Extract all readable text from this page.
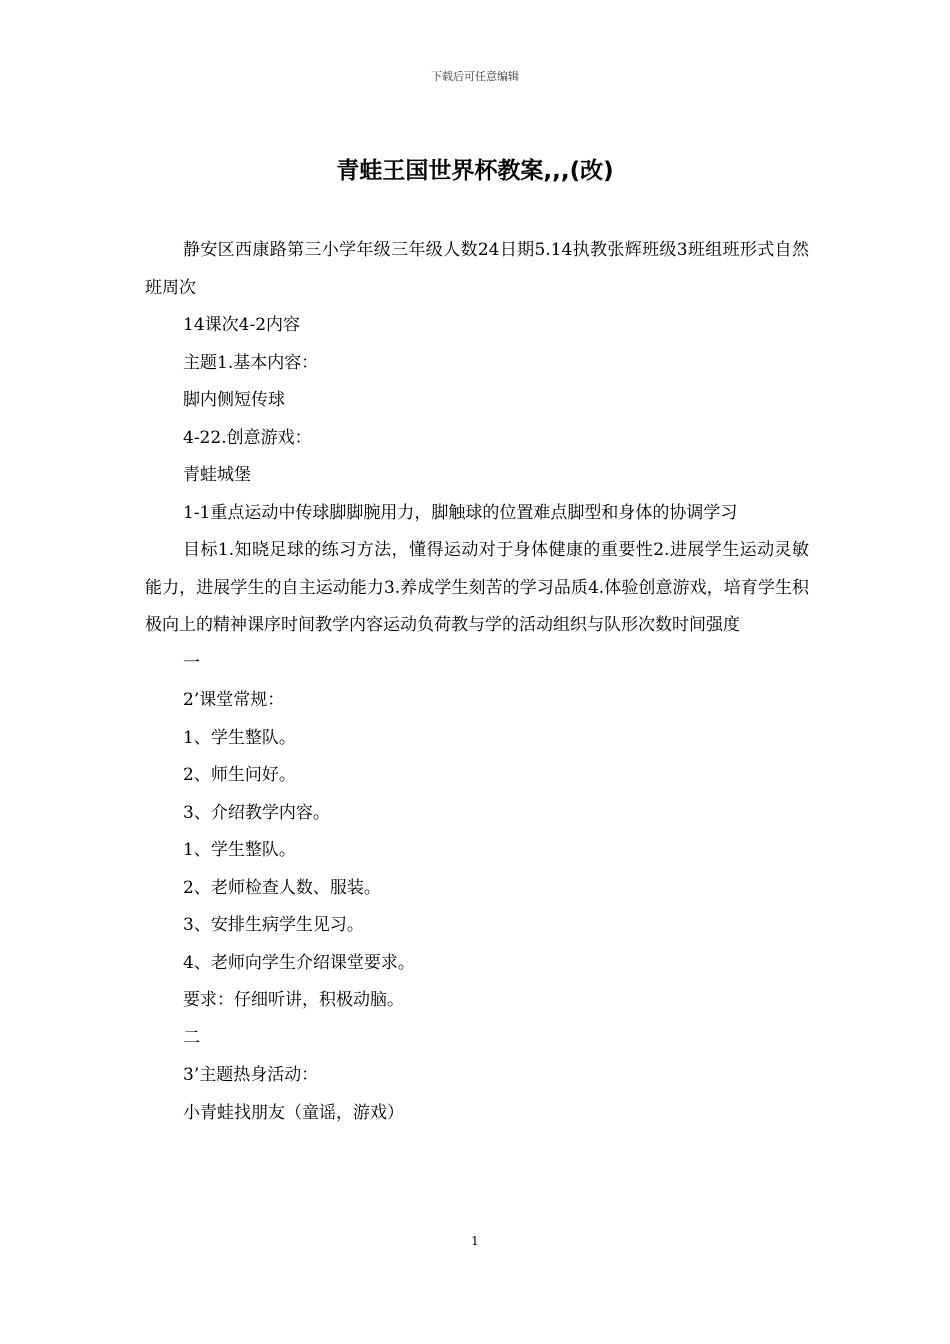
下载后可任意编辑
青蛙王国世界杯教案,,,(改)

静安区西康路第三小学年级三年级人数24日期5.14执教张辉班级3班组班形式自然班周次

14课次4-2内容

主题1.基本内容：

脚内侧短传球

4-22.创意游戏：

青蛙城堡

1-1重点运动中传球脚脚腕用力，脚触球的位置难点脚型和身体的协调学习

目标1.知晓足球的练习方法，懂得运动对于身体健康的重要性2.进展学生运动灵敏能力，进展学生的自主运动能力3.养成学生刻苦的学习品质4.体验创意游戏，培育学生积极向上的精神课序时间教学内容运动负荷教与学的活动组织与队形次数时间强度

一

2’课堂常规：

1、学生整队。

2、师生问好。

3、介绍教学内容。

1、学生整队。

2、老师检查人数、服装。

3、安排生病学生见习。

4、老师向学生介绍课堂要求。

要求：仔细听讲，积极动脑。

二

3’主题热身活动：

小青蛙找朋友（童谣，游戏）

1
